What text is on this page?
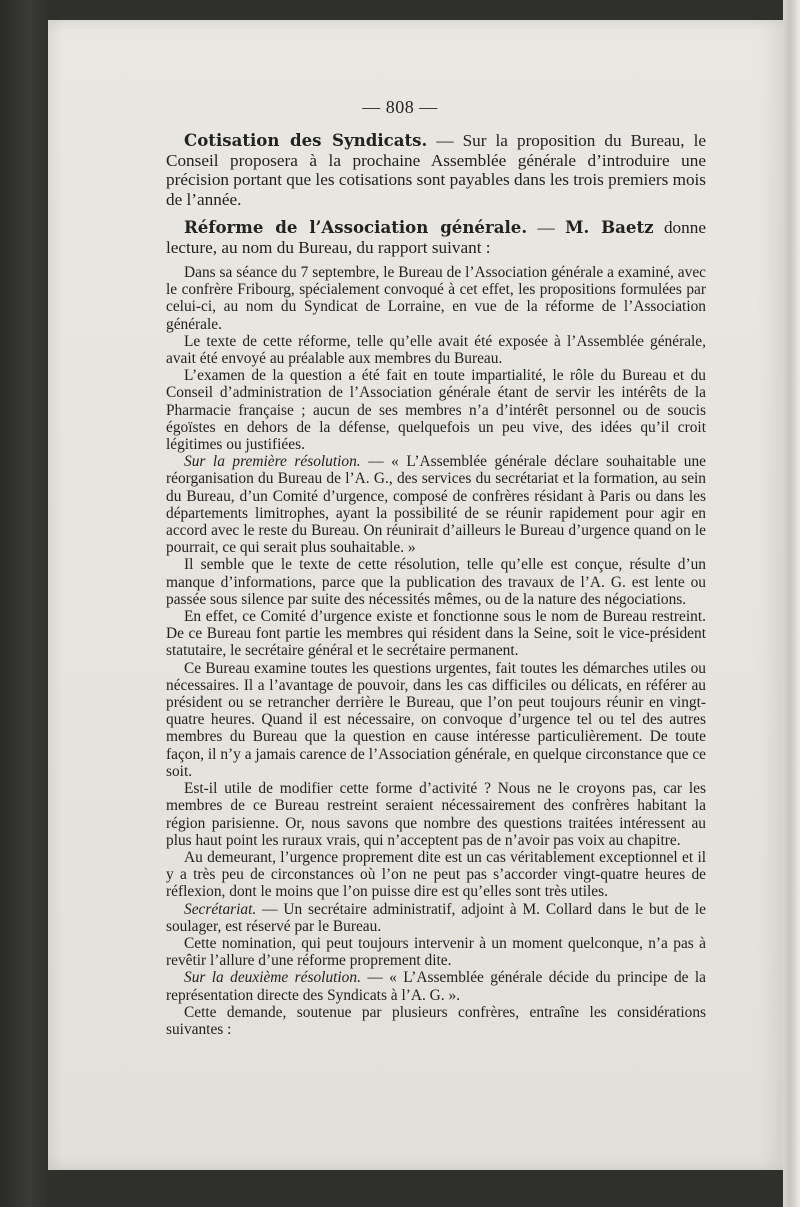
— 808 —

Cotisation des Syndicats. — Sur la proposition du Bureau, le Conseil proposera à la prochaine Assemblée générale d’introduire une précision portant que les cotisations sont payables dans les trois premiers mois de l’année.

Réforme de l’Association générale. — M. Baetz donne lecture, au nom du Bureau, du rapport suivant :

Dans sa séance du 7 septembre, le Bureau de l’Association générale a examiné, avec le confrère Fribourg, spécialement convoqué à cet effet, les propositions formulées par celui-ci, au nom du Syndicat de Lorraine, en vue de la réforme de l’Association générale.

Le texte de cette réforme, telle qu’elle avait été exposée à l’Assemblée générale, avait été envoyé au préalable aux membres du Bureau.

L’examen de la question a été fait en toute impartialité, le rôle du Bureau et du Conseil d’administration de l’Association générale étant de servir les intérêts de la Pharmacie française ; aucun de ses membres n’a d’intérêt personnel ou de soucis égoïstes en dehors de la défense, quelquefois un peu vive, des idées qu’il croit légitimes ou justifiées.

Sur la première résolution. — « L’Assemblée générale déclare souhaitable une réorganisation du Bureau de l’A. G., des services du secrétariat et la formation, au sein du Bureau, d’un Comité d’urgence, composé de confrères résidant à Paris ou dans les départements limitrophes, ayant la possibilité de se réunir rapidement pour agir en accord avec le reste du Bureau. On réunirait d’ailleurs le Bureau d’urgence quand on le pourrait, ce qui serait plus souhaitable. »

Il semble que le texte de cette résolution, telle qu’elle est conçue, résulte d’un manque d’informations, parce que la publication des travaux de l’A. G. est lente ou passée sous silence par suite des nécessités mêmes, ou de la nature des négociations.

En effet, ce Comité d’urgence existe et fonctionne sous le nom de Bureau restreint. De ce Bureau font partie les membres qui résident dans la Seine, soit le vice-président statutaire, le secrétaire général et le secrétaire permanent.

Ce Bureau examine toutes les questions urgentes, fait toutes les démarches utiles ou nécessaires. Il a l’avantage de pouvoir, dans les cas difficiles ou délicats, en référer au président ou se retrancher derrière le Bureau, que l’on peut toujours réunir en vingt-quatre heures. Quand il est nécessaire, on convoque d’urgence tel ou tel des autres membres du Bureau que la question en cause intéresse particulièrement. De toute façon, il n’y a jamais carence de l’Association générale, en quelque circonstance que ce soit.

Est-il utile de modifier cette forme d’activité ? Nous ne le croyons pas, car les membres de ce Bureau restreint seraient nécessairement des confrères habitant la région parisienne. Or, nous savons que nombre des questions traitées intéressent au plus haut point les ruraux vrais, qui n’acceptent pas de n’avoir pas voix au chapitre.

Au demeurant, l’urgence proprement dite est un cas véritablement exceptionnel et il y a très peu de circonstances où l’on ne peut pas s’accorder vingt-quatre heures de réflexion, dont le moins que l’on puisse dire est qu’elles sont très utiles.

Secrétariat. — Un secrétaire administratif, adjoint à M. Collard dans le but de le soulager, est réservé par le Bureau.

Cette nomination, qui peut toujours intervenir à un moment quelconque, n’a pas à revêtir l’allure d’une réforme proprement dite.

Sur la deuxième résolution. — « L’Assemblée générale décide du principe de la représentation directe des Syndicats à l’A. G. ».

Cette demande, soutenue par plusieurs confrères, entraîne les considérations suivantes :
